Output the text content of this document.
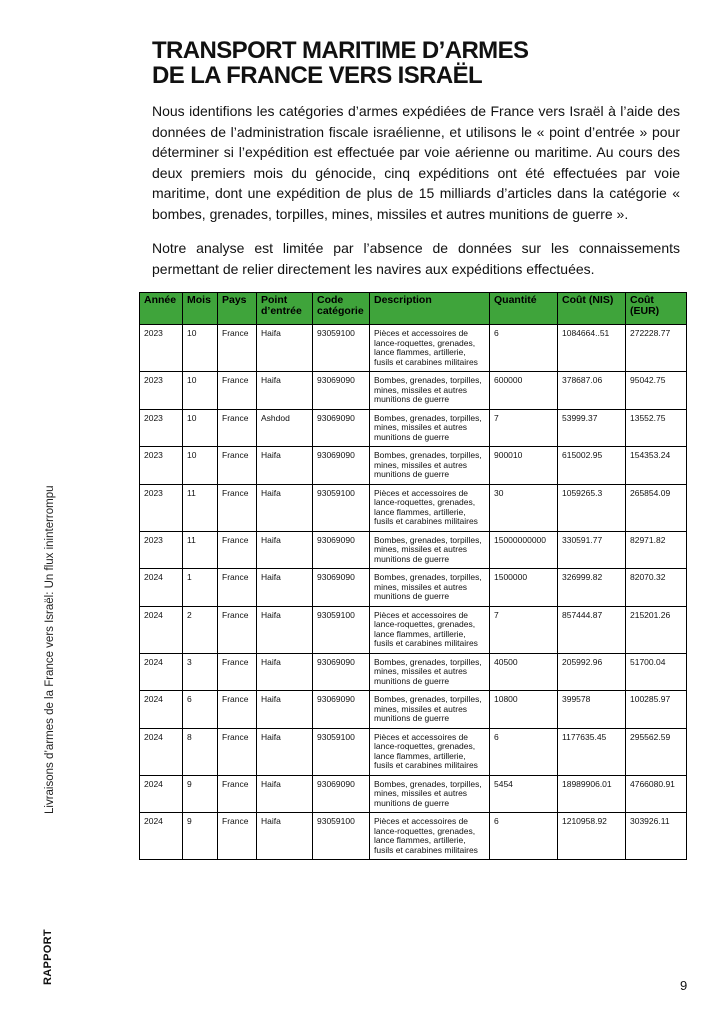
Livraisons d’armes de la France vers Israël: Un flux ininterrompu
RAPPORT
TRANSPORT MARITIME D’ARMES
DE LA FRANCE VERS ISRAËL

Nous identifions les catégories d’armes expédiées de France vers Israël à l’aide des données de l’administration fiscale israélienne, et utilisons le « point d’entrée » pour déterminer si l’expédition est effectuée par voie aérienne ou maritime. Au cours des deux premiers mois du génocide, cinq expéditions ont été effectuées par voie maritime, dont une expédition de plus de 15 milliards d’articles dans la catégorie « bombes, grenades, torpilles, mines, missiles et autres munitions de guerre ».

Notre analyse est limitée par l’absence de données sur les connaissements permettant de relier directement les navires aux expéditions effectuées.

Année	Mois	Pays	Point d’entrée	Code catégorie	Description	Quantité	Coût (NIS)	Coût (EUR)
2023	10	France	Haifa	93059100	Pièces et accessoires de lance-roquettes, grenades, lance flammes, artillerie, fusils et carabines militaires	6	1084664..51	272228.77
2023	10	France	Haifa	93069090	Bombes, grenades, torpilles, mines, missiles et autres munitions de guerre	600000	378687.06	95042.75
2023	10	France	Ashdod	93069090	Bombes, grenades, torpilles, mines, missiles et autres munitions de guerre	7	53999.37	13552.75
2023	10	France	Haifa	93069090	Bombes, grenades, torpilles, mines, missiles et autres munitions de guerre	900010	615002.95	154353.24
2023	11	France	Haifa	93059100	Pièces et accessoires de lance-roquettes, grenades, lance flammes, artillerie, fusils et carabines militaires	30	1059265.3	265854.09
2023	11	France	Haifa	93069090	Bombes, grenades, torpilles, mines, missiles et autres munitions de guerre	15000000000	330591.77	82971.82
2024	1	France	Haifa	93069090	Bombes, grenades, torpilles, mines, missiles et autres munitions de guerre	1500000	326999.82	82070.32
2024	2	France	Haifa	93059100	Pièces et accessoires de lance-roquettes, grenades, lance flammes, artillerie, fusils et carabines militaires	7	857444.87	215201.26
2024	3	France	Haifa	93069090	Bombes, grenades, torpilles, mines, missiles et autres munitions de guerre	40500	205992.96	51700.04
2024	6	France	Haifa	93069090	Bombes, grenades, torpilles, mines, missiles et autres munitions de guerre	10800	399578	100285.97
2024	8	France	Haifa	93059100	Pièces et accessoires de lance-roquettes, grenades, lance flammes, artillerie, fusils et carabines militaires	6	1177635.45	295562.59
2024	9	France	Haifa	93069090	Bombes, grenades, torpilles, mines, missiles et autres munitions de guerre	5454	18989906.01	4766080.91
2024	9	France	Haifa	93059100	Pièces et accessoires de lance-roquettes, grenades, lance flammes, artillerie, fusils et carabines militaires	6	1210958.92	303926.11
9
